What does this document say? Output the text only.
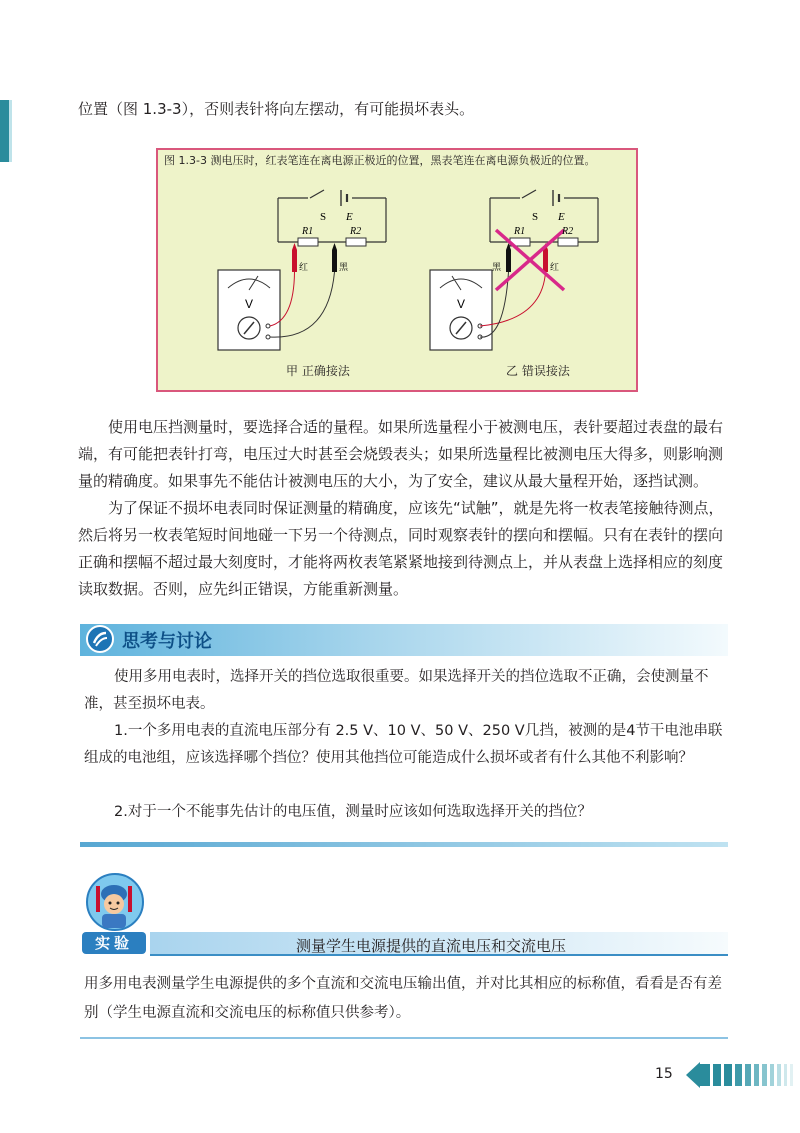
位置（图 1.3-3），否则表针将向左摆动，有可能损坏表头。

图 1.3-3 测电压时，红表笔连在离电源正极近的位置，黑表笔连在离电源负极近的位置。
S E
R1	R2
红	黑
V
S E
R1	R2
黑	红
V
甲 正确接法	乙 错误接法

使用电压挡测量时，要选择合适的量程。如果所选量程小于被测电压，表针要超过表盘的最右端，有可能把表针打弯，电压过大时甚至会烧毁表头；如果所选量程比被测电压大得多，则影响测量的精确度。如果事先不能估计被测电压的大小，为了安全，建议从最大量程开始，逐挡试测。

为了保证不损坏电表同时保证测量的精确度，应该先“试触”，就是先将一枚表笔接触待测点，然后将另一枚表笔短时间地碰一下另一个待测点，同时观察表针的摆向和摆幅。只有在表针的摆向正确和摆幅不超过最大刻度时，才能将两枚表笔紧紧地接到待测点上，并从表盘上选择相应的刻度读取数据。否则，应先纠正错误，方能重新测量。

思考与讨论

使用多用电表时，选择开关的挡位选取很重要。如果选择开关的挡位选取不正确，会使测量不准，甚至损坏电表。

1.一个多用电表的直流电压部分有 2.5 V、10 V、50 V、250 V几挡，被测的是4节干电池串联组成的电池组，应该选择哪个挡位？使用其他挡位可能造成什么损坏或者有什么其他不利影响？

2.对于一个不能事先估计的电压值，测量时应该如何选取选择开关的挡位？

实验	测量学生电源提供的直流电压和交流电压

用多用电表测量学生电源提供的多个直流和交流电压输出值，并对比其相应的标称值，看看是否有差别（学生电源直流和交流电压的标称值只供参考）。

15
